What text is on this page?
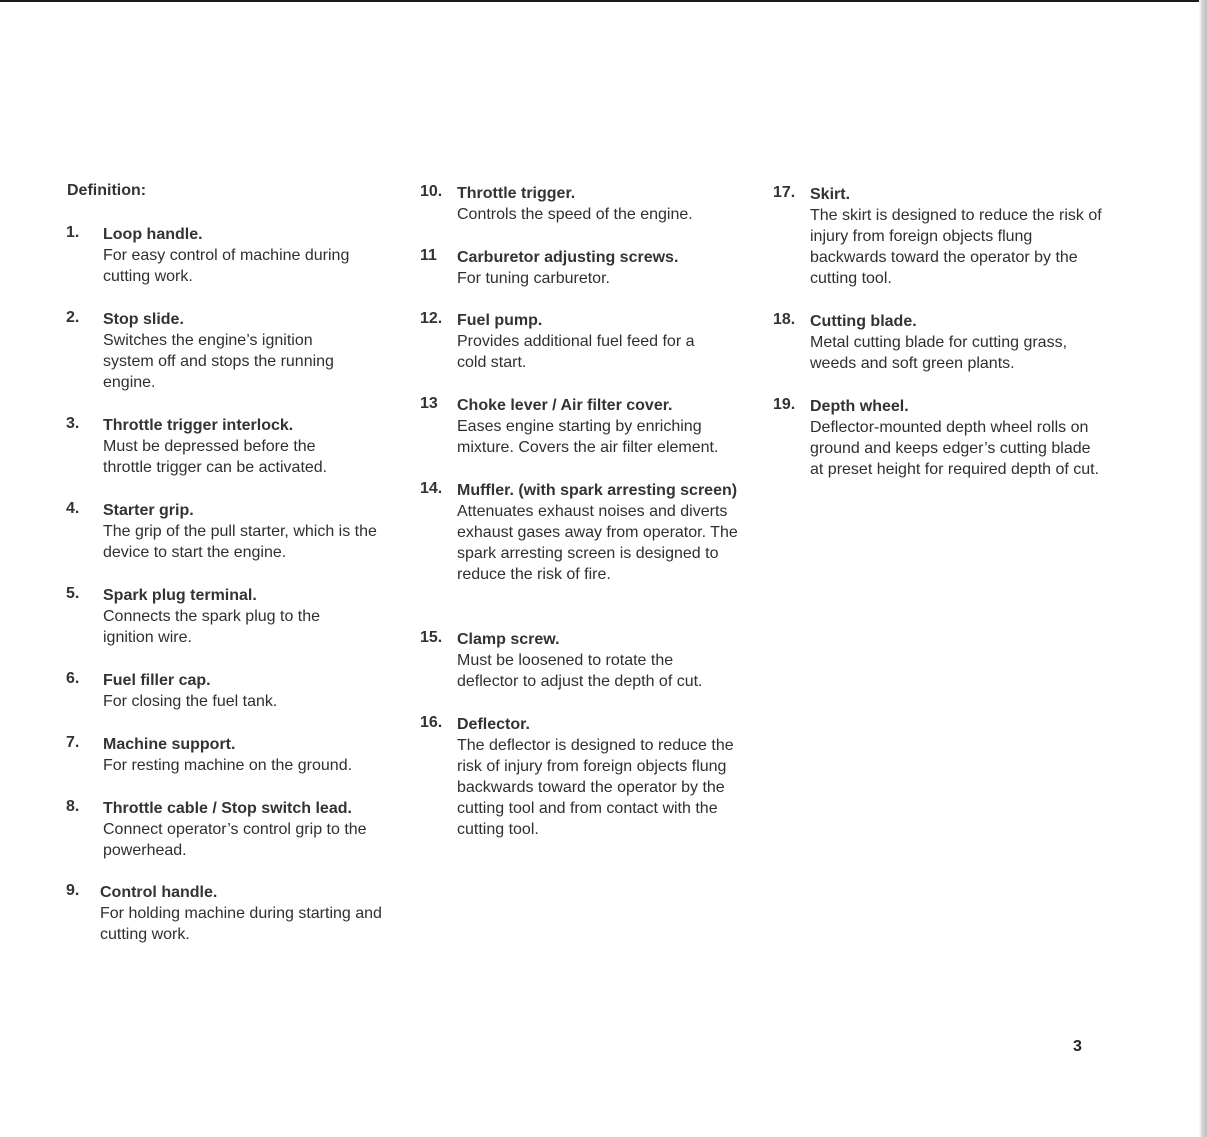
Definition:
1. Loop handle.
For easy control of machine during cutting work.
2. Stop slide.
Switches the engine’s ignition system off and stops the running engine.
3. Throttle trigger interlock.
Must be depressed before the throttle trigger can be activated.
4. Starter grip.
The grip of the pull starter, which is the device to start the engine.
5. Spark plug terminal.
Connects the spark plug to the ignition wire.
6. Fuel filler cap.
For closing the fuel tank.
7. Machine support.
For resting machine on the ground.
8. Throttle cable / Stop switch lead.
Connect operator’s control grip to the powerhead.
9. Control handle.
For holding machine during starting and cutting work.
10. Throttle trigger.
Controls the speed of the engine.
11 Carburetor adjusting screws.
For tuning carburetor.
12. Fuel pump.
Provides additional fuel feed for a cold start.
13 Choke lever / Air filter cover.
Eases engine starting by enriching mixture. Covers the air filter element.
14. Muffler. (with spark arresting screen)
Attenuates exhaust noises and diverts exhaust gases away from operator. The spark arresting screen is designed to reduce the risk of fire.
15. Clamp screw.
Must be loosened to rotate the deflector to adjust the depth of cut.
16. Deflector.
The deflector is designed to reduce the risk of injury from foreign objects flung backwards toward the operator by the cutting tool and from contact with the cutting tool.
17. Skirt.
The skirt is designed to reduce the risk of injury from foreign objects flung backwards toward the operator by the cutting tool.
18. Cutting blade.
Metal cutting blade for cutting grass, weeds and soft green plants.
19. Depth wheel.
Deflector-mounted depth wheel rolls on ground and keeps edger’s cutting blade at preset height for required depth of cut.
3
